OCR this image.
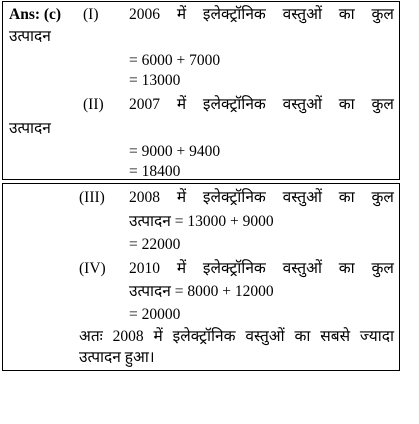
Ans: (c) (I) 2006 में इलेक्ट्रॉनिक वस्तुओं का कुल
उत्पादन
= 6000 + 7000
= 13000
(II) 2007 में इलेक्ट्रॉनिक वस्तुओं का कुल
उत्पादन
= 9000 + 9400
= 18400
(III) 2008 में इलेक्ट्रॉनिक वस्तुओं का कुल
उत्पादन = 13000 + 9000
= 22000
(IV) 2010 में इलेक्ट्रॉनिक वस्तुओं का कुल
उत्पादन = 8000 + 12000
= 20000
अतः 2008 में इलेक्ट्रॉनिक वस्तुओं का सबसे ज्यादा
उत्पादन हुआ।
